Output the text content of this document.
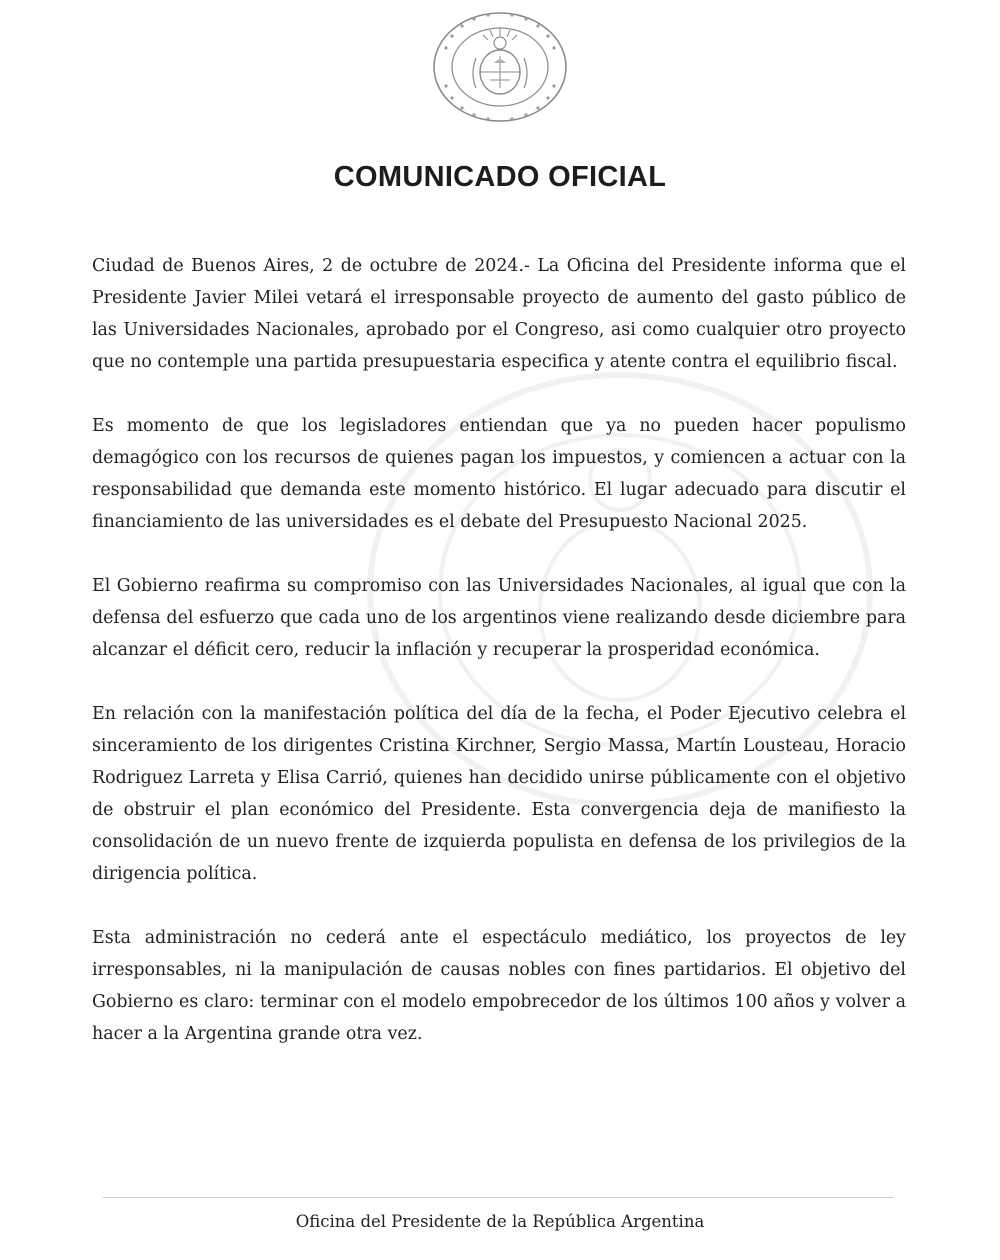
COMUNICADO OFICIAL

Ciudad de Buenos Aires, 2 de octubre de 2024.- La Oficina del Presidente informa que el Presidente Javier Milei vetará el irresponsable proyecto de aumento del gasto público de las Universidades Nacionales, aprobado por el Congreso, asi como cualquier otro proyecto que no contemple una partida presupuestaria especifica y atente contra el equilibrio fiscal.

Es momento de que los legisladores entiendan que ya no pueden hacer populismo demagógico con los recursos de quienes pagan los impuestos, y comiencen a actuar con la responsabilidad que demanda este momento histórico. El lugar adecuado para discutir el financiamiento de las universidades es el debate del Presupuesto Nacional 2025.

El Gobierno reafirma su compromiso con las Universidades Nacionales, al igual que con la defensa del esfuerzo que cada uno de los argentinos viene realizando desde diciembre para alcanzar el déficit cero, reducir la inflación y recuperar la prosperidad económica.

En relación con la manifestación política del día de la fecha, el Poder Ejecutivo celebra el sinceramiento de los dirigentes Cristina Kirchner, Sergio Massa, Martín Lousteau, Horacio Rodriguez Larreta y Elisa Carrió, quienes han decidido unirse públicamente con el objetivo de obstruir el plan económico del Presidente. Esta convergencia deja de manifiesto la consolidación de un nuevo frente de izquierda populista en defensa de los privilegios de la dirigencia política.

Esta administración no cederá ante el espectáculo mediático, los proyectos de ley irresponsables, ni la manipulación de causas nobles con fines partidarios. El objetivo del Gobierno es claro: terminar con el modelo empobrecedor de los últimos 100 años y volver a hacer a la Argentina grande otra vez.

Oficina del Presidente de la República Argentina
